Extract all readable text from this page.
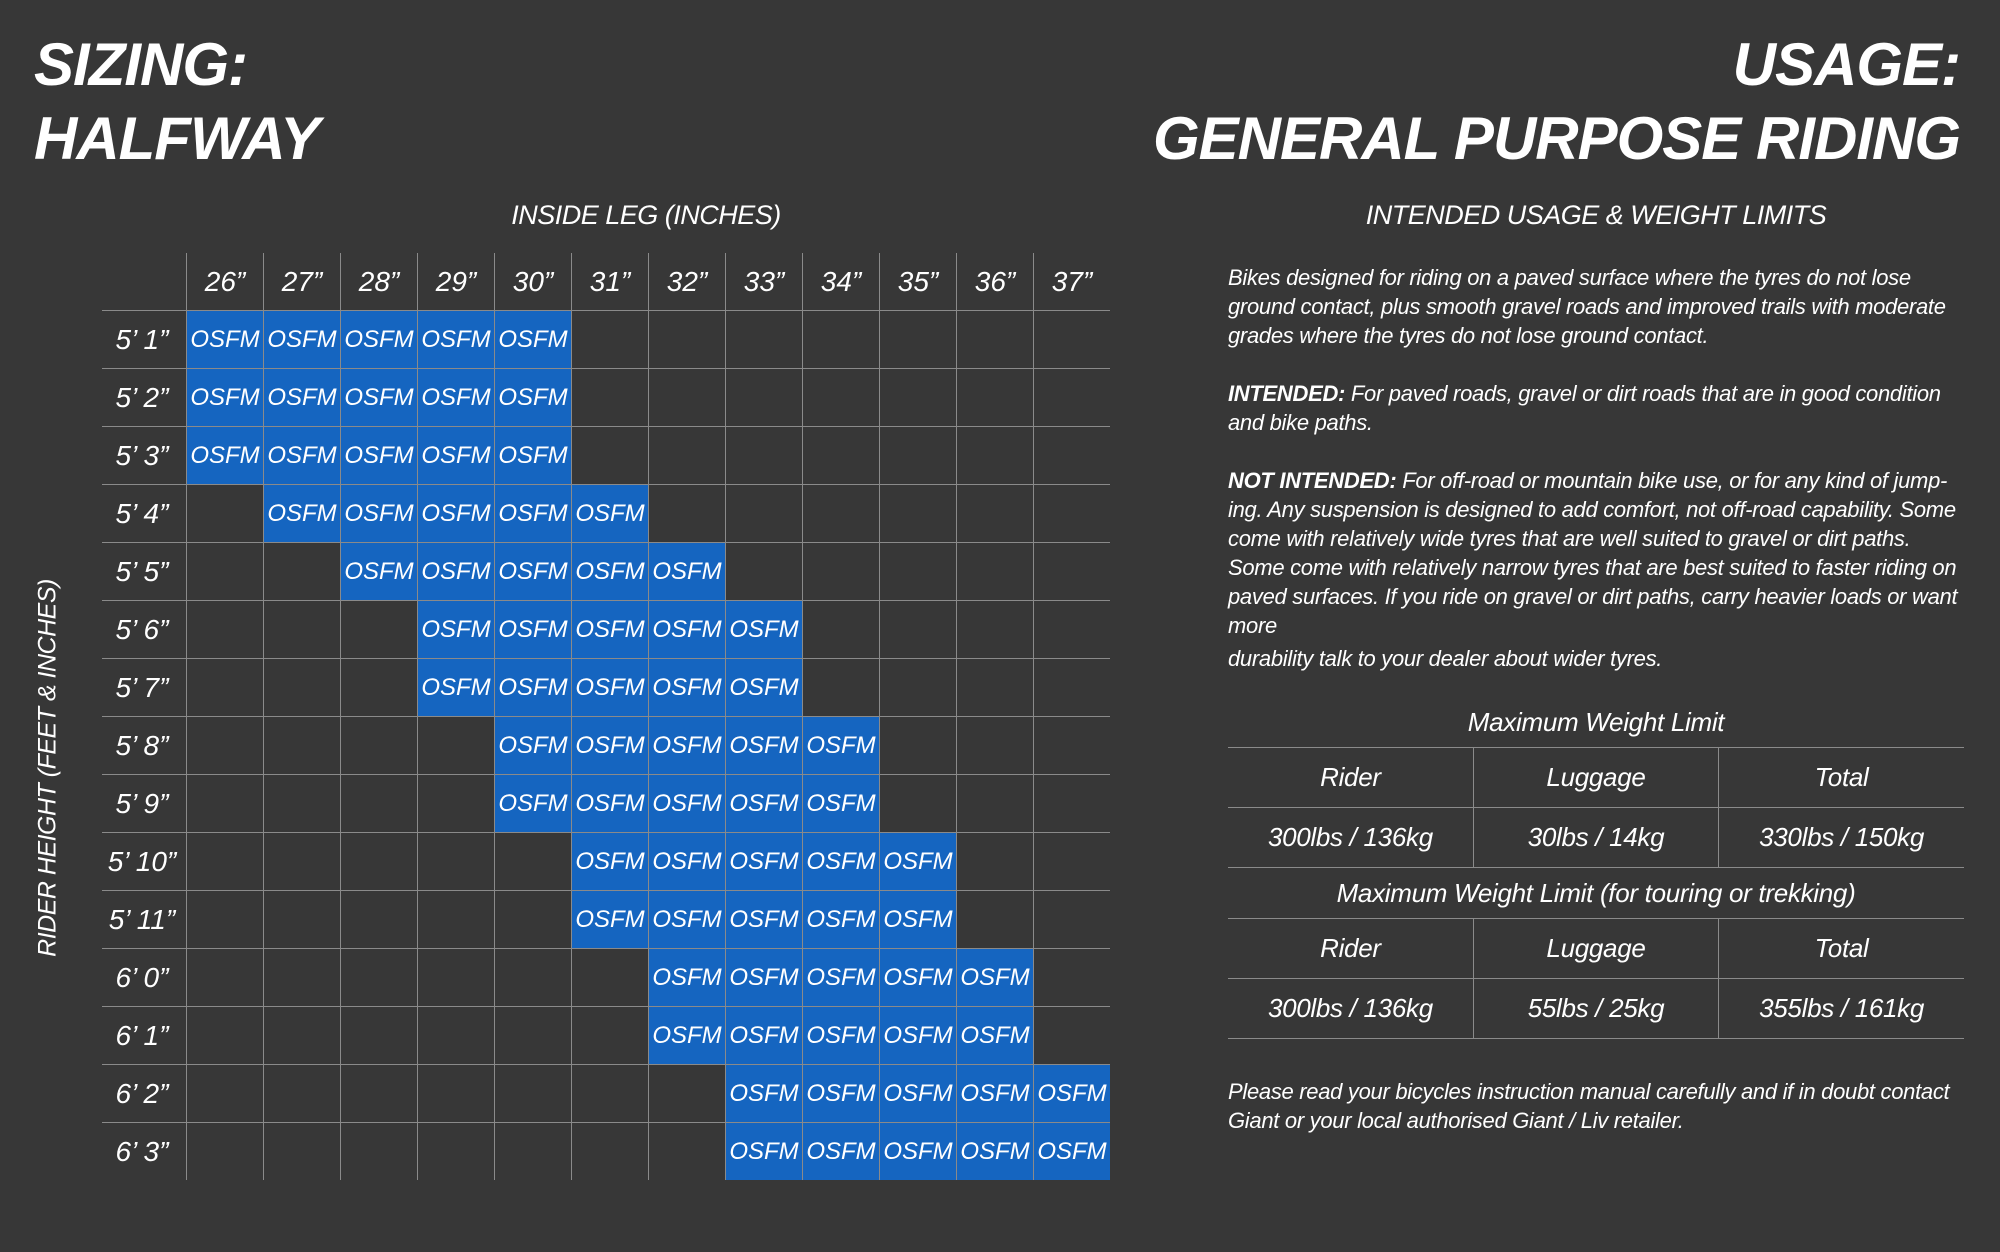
SIZING:
HALFWAY
USAGE:
GENERAL PURPOSE RIDING
INSIDE LEG (INCHES)
RIDER HEIGHT (FEET & INCHES)
	26”	27”	28”	29”	30”	31”	32”	33”	34”	35”	36”	37”
5’ 1”	OSFM	OSFM	OSFM	OSFM	OSFM							
5’ 2”	OSFM	OSFM	OSFM	OSFM	OSFM							
5’ 3”	OSFM	OSFM	OSFM	OSFM	OSFM							
5’ 4”		OSFM	OSFM	OSFM	OSFM	OSFM						
5’ 5”			OSFM	OSFM	OSFM	OSFM	OSFM					
5’ 6”				OSFM	OSFM	OSFM	OSFM	OSFM				
5’ 7”				OSFM	OSFM	OSFM	OSFM	OSFM				
5’ 8”					OSFM	OSFM	OSFM	OSFM	OSFM			
5’ 9”					OSFM	OSFM	OSFM	OSFM	OSFM			
5’ 10”						OSFM	OSFM	OSFM	OSFM	OSFM		
5’ 11”						OSFM	OSFM	OSFM	OSFM	OSFM		
6’ 0”							OSFM	OSFM	OSFM	OSFM	OSFM	
6’ 1”							OSFM	OSFM	OSFM	OSFM	OSFM	
6’ 2”								OSFM	OSFM	OSFM	OSFM	OSFM
6’ 3”								OSFM	OSFM	OSFM	OSFM	OSFM
INTENDED USAGE & WEIGHT LIMITS

Bikes designed for riding on a paved surface where the tyres do not lose
ground contact, plus smooth gravel roads and improved trails with moderate
grades where the tyres do not lose ground contact.

INTENDED: For paved roads, gravel or dirt roads that are in good condition
and bike paths.

NOT INTENDED: For off-road or mountain bike use, or for any kind of jump-
ing. Any suspension is designed to add comfort, not off-road capability. Some
come with relatively wide tyres that are well suited to gravel or dirt paths.
Some come with relatively narrow tyres that are best suited to faster riding on
paved surfaces. If you ride on gravel or dirt paths, carry heavier loads or want
more

durability talk to your dealer about wider tyres.

Maximum Weight Limit
Rider	Luggage	Total
300lbs / 136kg	30lbs / 14kg	330lbs / 150kg
Maximum Weight Limit (for touring or trekking)
Rider	Luggage	Total
300lbs / 136kg	55lbs / 25kg	355lbs / 161kg

Please read your bicycles instruction manual carefully and if in doubt contact
Giant or your local authorised Giant / Liv retailer.
